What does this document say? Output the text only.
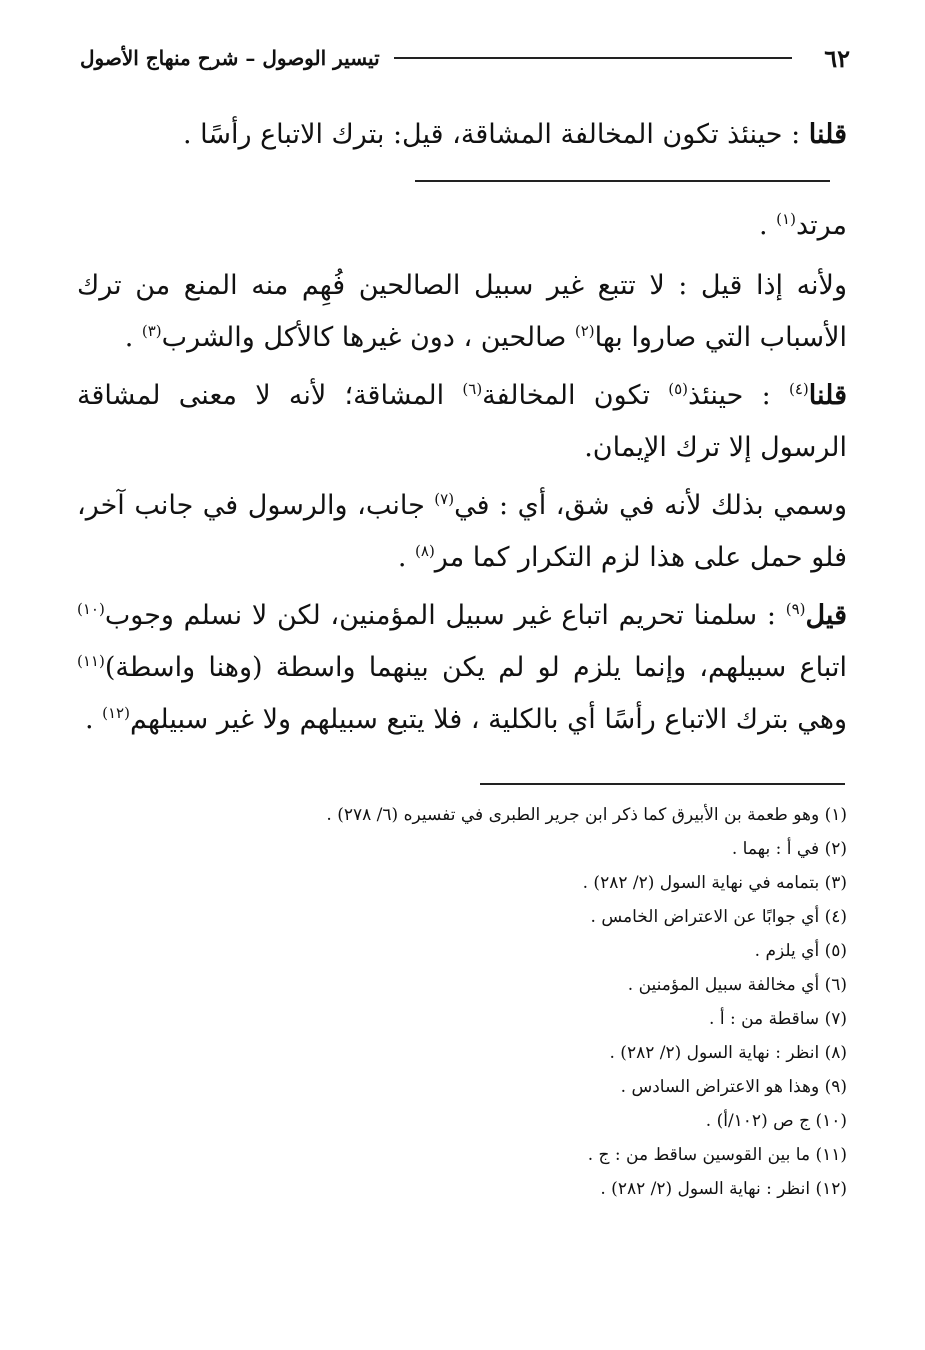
٦٢
تيسير الوصول – شرح منهاج الأصول
قلنا : حينئذ تكون المخالفة المشاقة، قيل: بترك الاتباع رأسًا .

مرتد$^{(١)}$ .

ولأنه إذا قيل : لا تتبع غير سبيل الصالحين فُهِم منه المنع من ترك الأسباب التي صاروا بها$^{(٢)}$ صالحين ، دون غيرها كالأكل والشرب$^{(٣)}$ .

قلنا$^{(٤)}$ : حينئذ$^{(٥)}$ تكون المخالفة$^{(٦)}$ المشاقة؛ لأنه لا معنى لمشاقة الرسول إلا ترك الإيمان.

وسمي بذلك لأنه في شق، أي : في$^{(٧)}$ جانب، والرسول في جانب آخر، فلو حمل على هذا لزم التكرار كما مر$^{(٨)}$ .

قيل$^{(٩)}$ : سلمنا تحريم اتباع غير سبيل المؤمنين، لكن لا نسلم وجوب$^{(١٠)}$ اتباع سبيلهم، وإنما يلزم لو لم يكن بينهما واسطة (وهنا واسطة)$^{(١١)}$ وهي بترك الاتباع رأسًا أي بالكلية ، فلا يتبع سبيلهم ولا غير سبيلهم$^{(١٢)}$ .

(١) وهو طعمة بن الأبيرق كما ذكر ابن جرير الطبرى في تفسيره (٦/ ٢٧٨) .
(٢) في أ : بهما .
(٣) بتمامه في نهاية السول (٢/ ٢٨٢) .
(٤) أي جوابًا عن الاعتراض الخامس .
(٥) أي يلزم .
(٦) أي مخالفة سبيل المؤمنين .
(٧) ساقطة من : أ .
(٨) انظر : نهاية السول (٢/ ٢٨٢) .
(٩) وهذا هو الاعتراض السادس .
(١٠) ج ص (١٠٢/أ) .
(١١) ما بين القوسين ساقط من : ج .
(١٢) انظر : نهاية السول (٢/ ٢٨٢) .
